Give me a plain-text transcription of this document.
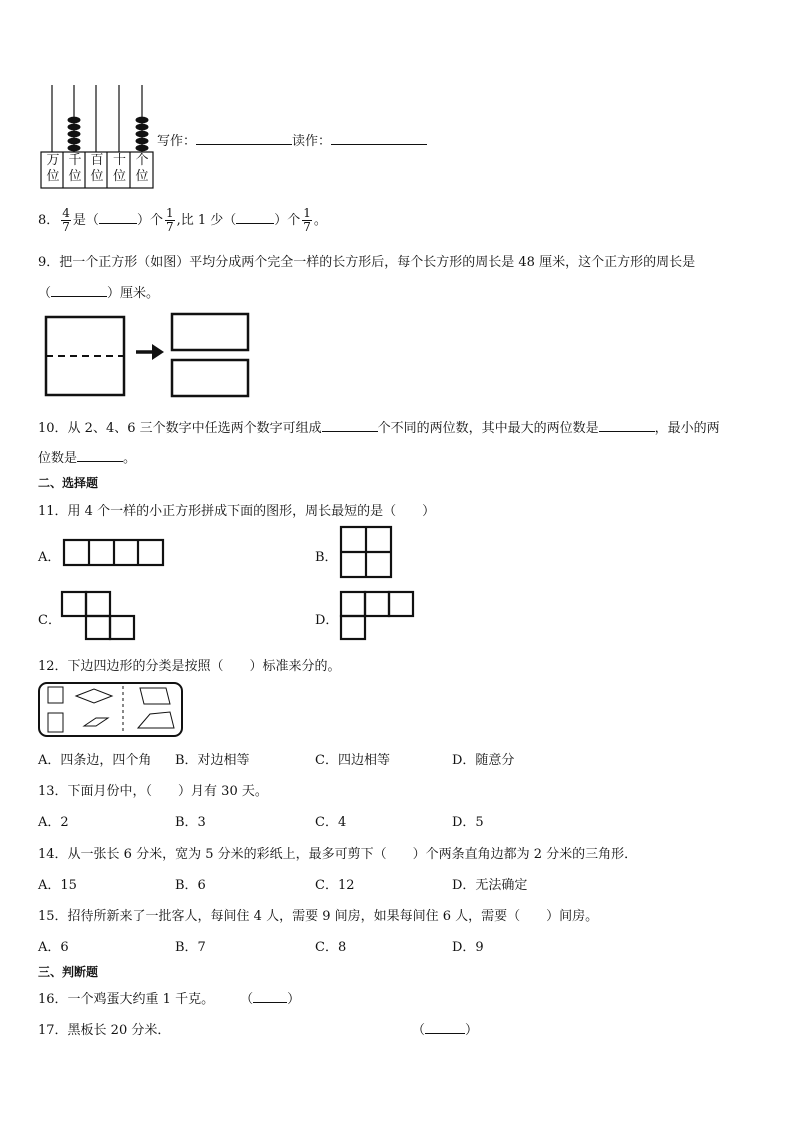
万位
千位
百位
十位
个位
写作：	读作：
8． $\frac{4}{7}$ 是（	）个 $\frac{1}{7}$ ,比 1 少（	）个 $\frac{1}{7}$ 。
9．把一个正方形（如图）平均分成两个完全一样的长方形后，每个长方形的周长是 48 厘米，这个正方形的周长是
（	）厘米。
10．从 2、4、6 三个数字中任选两个数字可组成	个不同的两位数，其中最大的两位数是	，最小的两
位数是	。
二、选择题
11．用 4 个一样的小正方形拼成下面的图形，周长最短的是（　　）
A．	B．
C．	D．
12．下边四边形的分类是按照（　　）标准来分的。
A．四条边，四个角 B．对边相等	C．四边相等	D．随意分
13．下面月份中，（　　）月有 30 天。
A．2	B．3	C．4	D．5
14．从一张长 6 分米，宽为 5 分米的彩纸上，最多可剪下（　　）个两条直角边都为 2 分米的三角形．
A．15	B．6	C．12	D．无法确定
15．招待所新来了一批客人，每间住 4 人，需要 9 间房，如果每间住 6 人，需要（　　）间房。
A．6	B．7	C．8	D．9
三、判断题
16．一个鸡蛋大约重 1 千克。 （	）
17．黑板长 20 分米．	（	）
